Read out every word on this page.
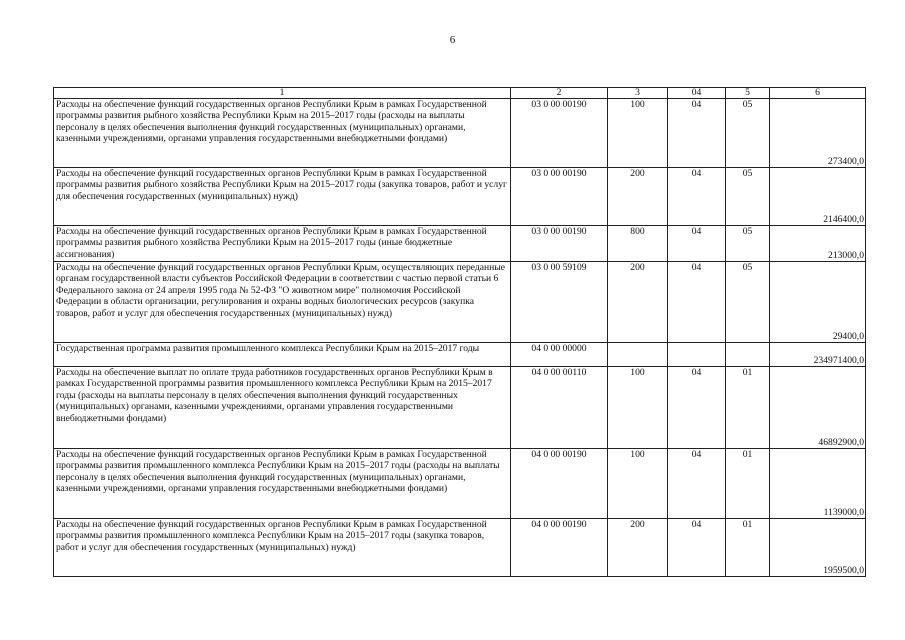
6
1	2	3	04	5	6
Расходы на обеспечение функций государственных органов Республики Крым в рамках Государственной программы развития рыбного хозяйства Республики Крым на 2015–2017 годы (расходы на выплаты персоналу в целях обеспечения выполнения функций государственных (муниципальных) органами, казенными учреждениями, органами управления государственными внебюджетными фондами)	03 0 00 00190	100	04	05	273400,0
Расходы на обеспечение функций государственных органов Республики Крым в рамках Государственной программы развития рыбного хозяйства Республики Крым на 2015–2017 годы (закупка товаров, работ и услуг для обеспечения государственных (муниципальных) нужд)	03 0 00 00190	200	04	05	2146400,0
Расходы на обеспечение функций государственных органов Республики Крым в рамках Государственной программы развития рыбного хозяйства Республики Крым на 2015–2017 годы (иные бюджетные ассигнования)	03 0 00 00190	800	04	05	213000,0
Расходы на обеспечение функций государственных органов Республики Крым, осуществляющих переданные органам государственной власти субъектов Российской Федерации в соответствии с частью первой статьи 6 Федерального закона от 24 апреля 1995 года № 52-ФЗ "О животном мире" полномочия Российской Федерации в области организации, регулирования и охраны водных биологических ресурсов (закупка товаров, работ и услуг для обеспечения государственных (муниципальных) нужд)	03 0 00 59109	200	04	05	29400,0
Государственная программа развития промышленного комплекса Республики Крым на 2015–2017 годы	04 0 00 00000				234971400,0
Расходы на обеспечение выплат по оплате труда работников государственных органов Республики Крым в рамках Государственной программы развития промышленного комплекса Республики Крым на 2015–2017 годы (расходы на выплаты персоналу в целях обеспечения выполнения функций государственных (муниципальных) органами, казенными учреждениями, органами управления государственными внебюджетными фондами)	04 0 00 00110	100	04	01	46892900,0
Расходы на обеспечение функций государственных органов Республики Крым в рамках Государственной программы развития промышленного комплекса Республики Крым на 2015–2017 годы (расходы на выплаты персоналу в целях обеспечения выполнения функций государственных (муниципальных) органами, казенными учреждениями, органами управления государственными внебюджетными фондами)	04 0 00 00190	100	04	01	1139000,0
Расходы на обеспечение функций государственных органов Республики Крым в рамках Государственной программы развития промышленного комплекса Республики Крым на 2015–2017 годы (закупка товаров, работ и услуг для обеспечения государственных (муниципальных) нужд)	04 0 00 00190	200	04	01	1959500,0
